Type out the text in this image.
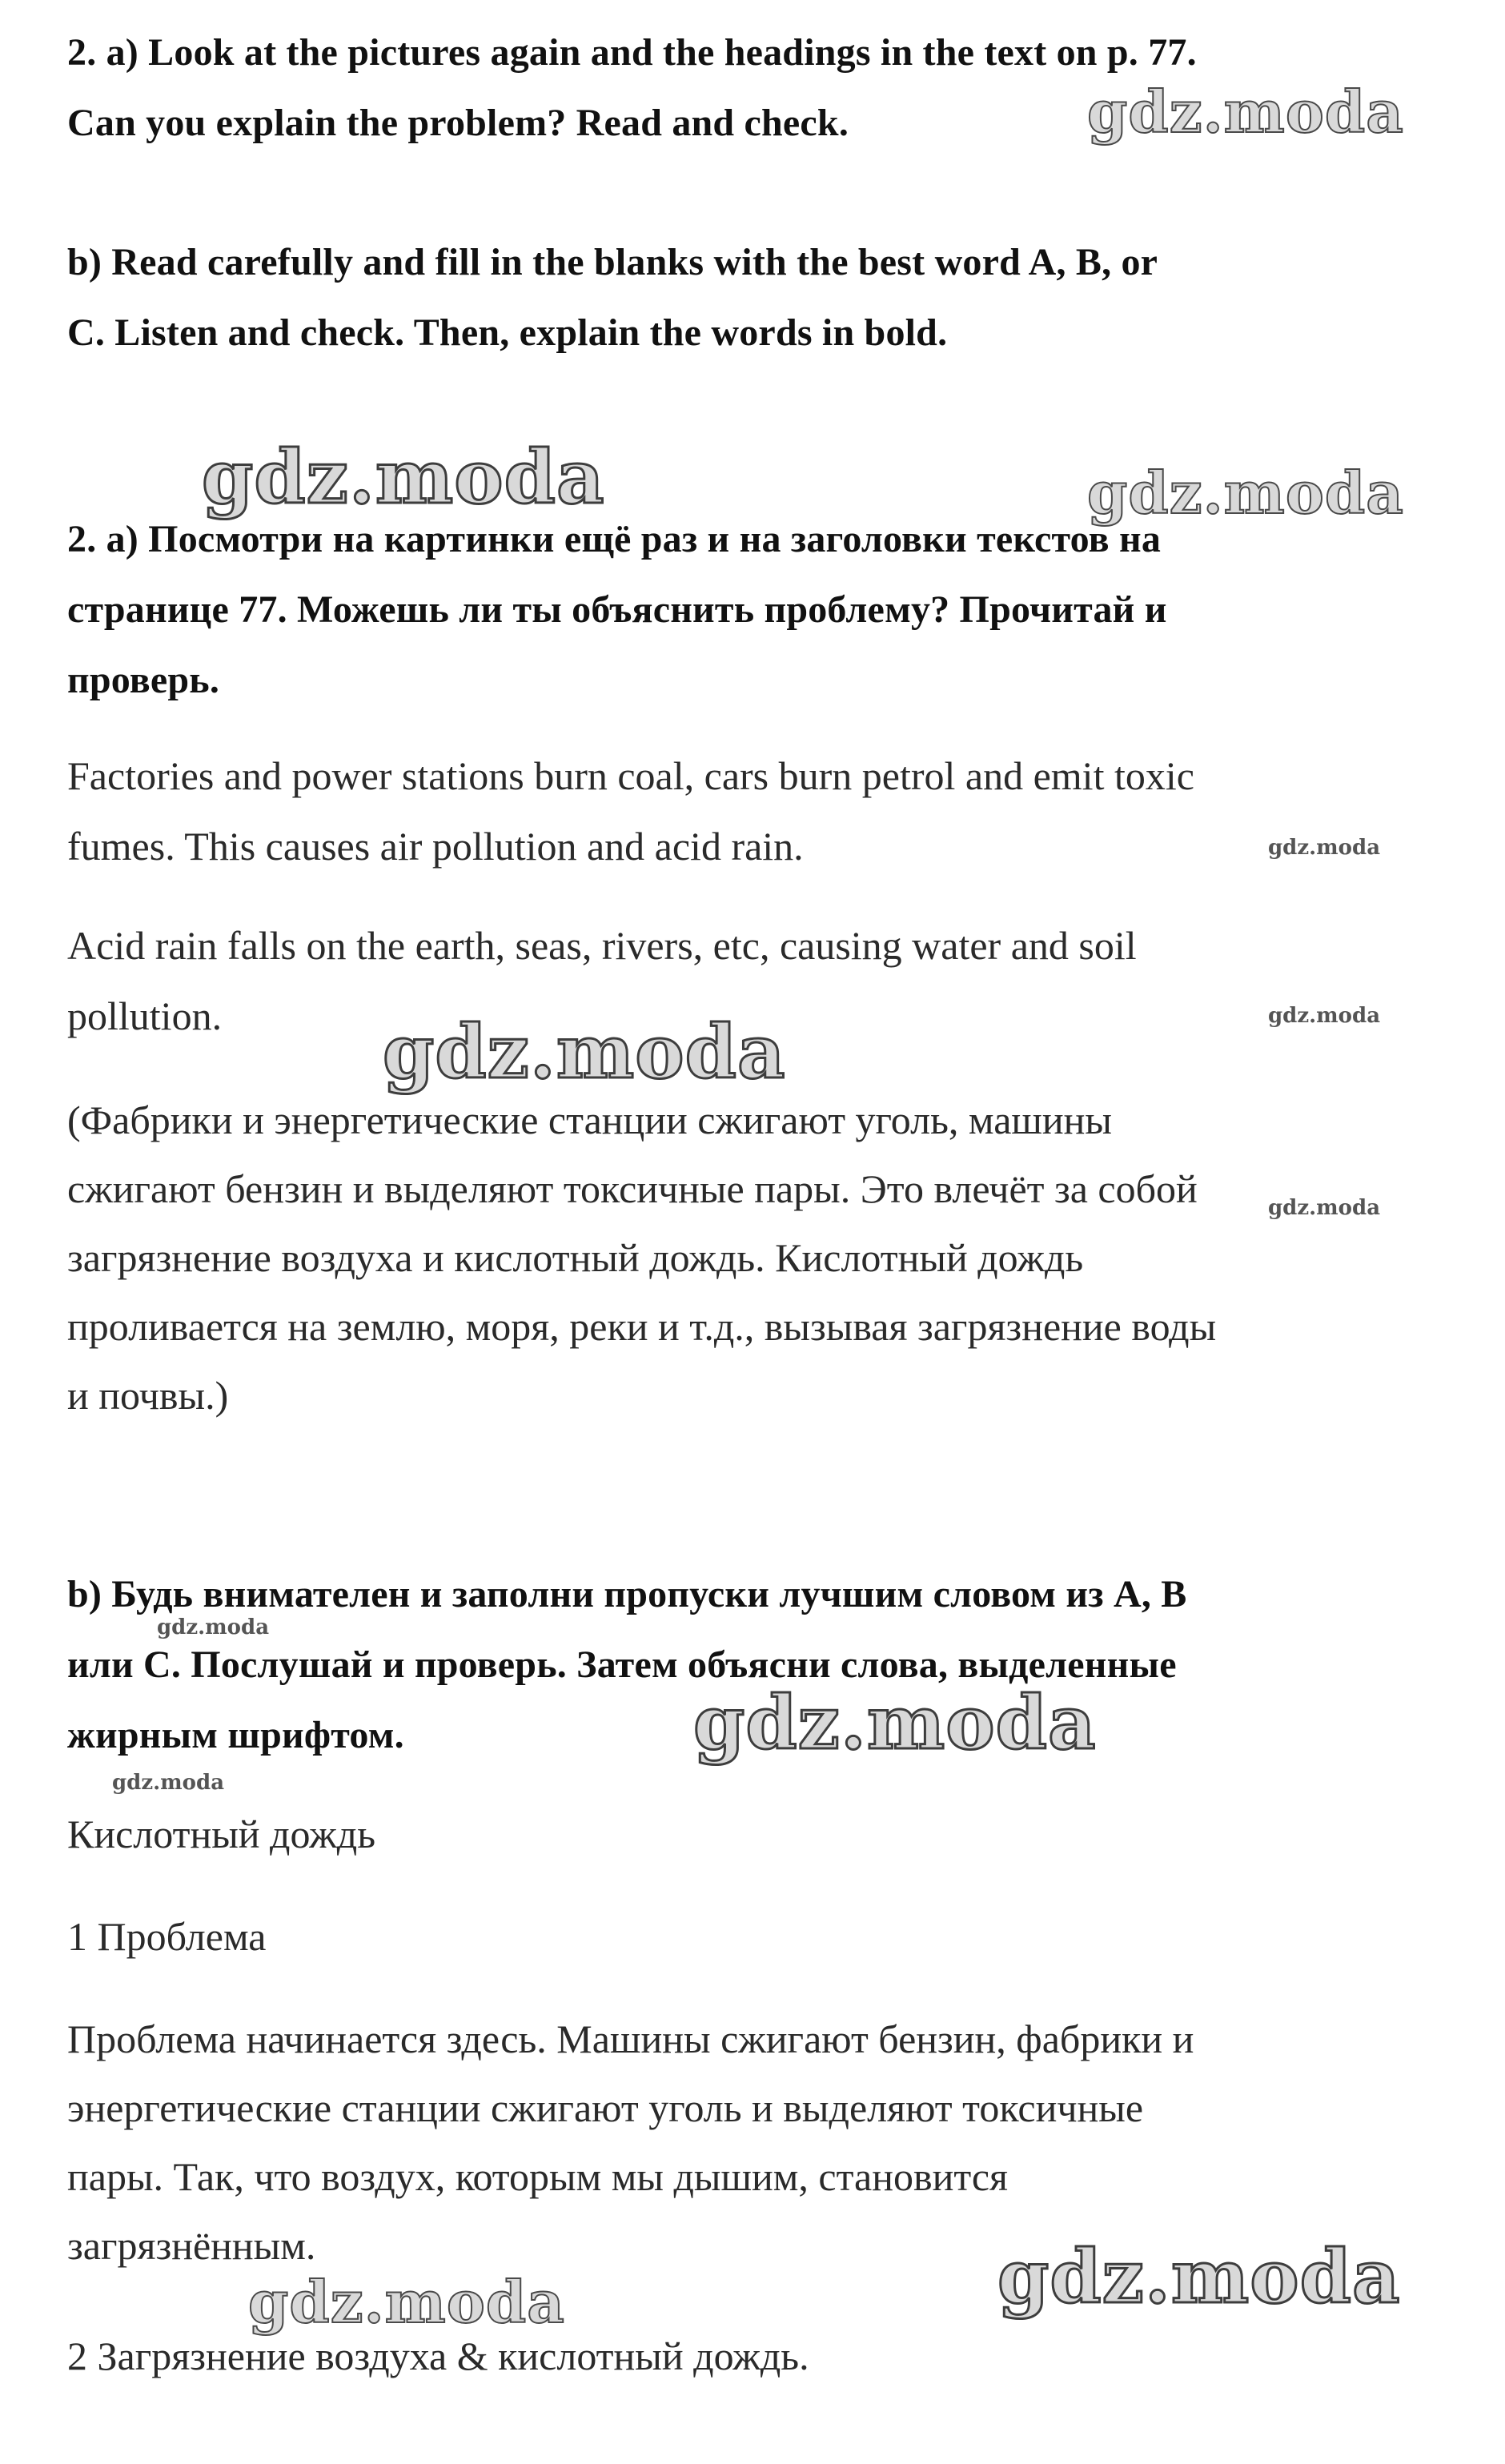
2. a) Look at the pictures again and the headings in the text on p. 77.
Can you explain the problem? Read and check.
b) Read carefully and fill in the blanks with the best word A, B, or
C. Listen and check. Then, explain the words in bold.
2. а) Посмотри на картинки ещё раз и на заголовки текстов на
странице 77. Можешь ли ты объяснить проблему? Прочитай и
проверь.
Factories and power stations burn coal, cars burn petrol and emit toxic
fumes. This causes air pollution and acid rain.
Acid rain falls on the earth, seas, rivers, etc, causing water and soil
pollution.
(Фабрики и энергетические станции сжигают уголь, машины
сжигают бензин и выделяют токсичные пары. Это влечёт за собой
загрязнение воздуха и кислотный дождь. Кислотный дождь
проливается на землю, моря, реки и т.д., вызывая загрязнение воды
и почвы.)
b) Будь внимателен и заполни пропуски лучшим словом из A, B
или C. Послушай и проверь. Затем объясни слова, выделенные
жирным шрифтом.
Кислотный дождь
1 Проблема
Проблема начинается здесь. Машины сжигают бензин, фабрики и
энергетические станции сжигают уголь и выделяют токсичные
пары. Так, что воздух, которым мы дышим, становится
загрязнённым.
2 Загрязнение воздуха & кислотный дождь.
gdz.moda
gdz.moda	gdz.moda
gdz.moda
gdz.moda
gdz.moda
gdz.moda
gdz.moda
gdz.moda
gdz.moda
gdz.moda
gdz.moda
